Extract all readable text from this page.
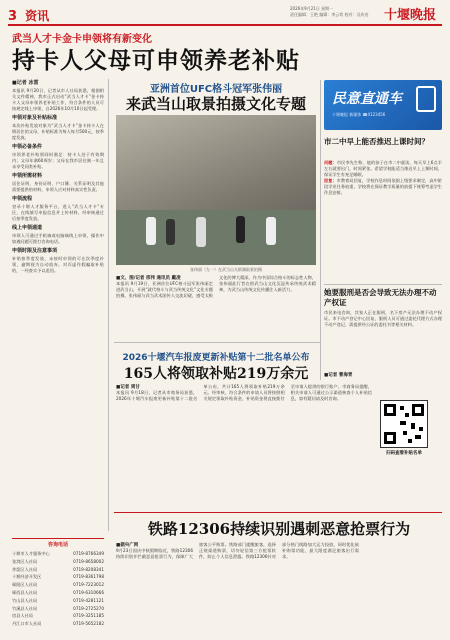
3 资讯
2026年9月21日 星期一
责任编辑：王艳 编辑：李云莺 校对：冯庆亮	十堰晚报
武当人才卡金卡申领将有新变化
持卡人父母可申领养老补贴
■记者 冰雷
本报讯 9月20日，记者从市人社局获悉，根据相关文件精神，我市正式启动“武当人才卡”金卡持卡人父母申领养老补贴工作，符合条件的人员可按规定线上申领，自2026年10月10日起受理。
申领对象及补贴标准
本次补贴发放对象为“武当人才卡”金卡持卡人在堰居住的父母，补贴标准为每人每月500元，按季度发放。
申领必备条件
申领养老补贴须同时满足：持卡人处于有效期内；父母年满60周岁；父母在我市居住满一年且未享受同类补贴。
申领所需材料
居住证明、身份证明、户口簿、关系证明及其他需要提供的材料，申领人应对材料真实性负责。
申领流程
登录十堰人才服务平台，进入“武当人才卡”专区，在线填写申报信息并上传材料，经审核通过后按季度发放。
线上申领通道
申领人可通过手机端或电脑端线上申领，操作中如遇问题可拨打咨询电话。
申领时限及注意事项
补贴按季度发放，未按时申领的可在次季度补领，逾期视为自动放弃。对弄虚作假骗取补贴的，一经查实予以追回。
咨询电话
十堰市人才服务中心	0719-8766349
张湾区人社局	0719-8658002
茅箭区人社局	0719-8208341
十堰经济开发区	0719-8361798
郧阳区人社局	0719-7223012
郧西县人社局	0719-6310666
竹山县人社局	0719-4281121
竹溪县人社局	0719-2725270
房县人社局	0719-3251185
丹江口市人社局	0719-5652182
亚洲首位UFC格斗冠军张伟丽
来武当山取景拍摄文化专题
张伟丽（左一）在武当山太极湖取景拍摄
■文、图/记者 邢伟 通讯员 戴凌
本报讯 9月19日，亚洲首位UFC格斗冠军张伟丽走进武当山，开展“就代格斗与武当传统文化”文化专题拍摄。张伟丽与武当武术团传人交流切磋，感受太极文化的博大精深。作为中国综合格斗的标志性人物，张伟丽此行旨在借武当山文化沉淀传承传统武术精神，为武当山传统文化传播注入新活力。
民意直通车
十堰晚报 新媒体 ☎4123456
市二中早上能否推迟上课时间？
问题：市民李先生称，他的孩子在市二中就读，每天早上6点半左右就要出门，时间紧张。希望学校能适当推迟早上上课时间，保证学生有充足睡眠。
回复：市教育局回复，学校作息时间依据上级要求制定，高中阶段学业任务较重，学校将在保证教学质量的前提下统筹考虑学生作息安排。
她要服刑是否会导致无法办理不动产权证
市民来电咨询，其家人正在服刑，名下房产无法办理不动产权证。市不动产登记中心回复，服刑人员可通过委托代理方式办理不动产登记，需提供经公证的委托书等相关材料。
■记者 曹海青
2026十堰汽车报废更新补贴第十二批名单公布
165人将领取补贴219万余元
■记者 周甘
本报讯 9月18日，记者从市商务局获悉，2026年十堰汽车报废更新补贴第十二批名单公布，共计165人将领取补贴219万余元。经审核，符合条件的申请人员将按照相关规定领取补贴资金，补贴资金将直接拨付至申请人提供的银行账户。市商务局提醒，相关申请人可通过公示渠道核查个人补贴信息，如有疑问请及时咨询。
扫码查看补贴名单
铁路12306持续识别遇刺恶意抢票行为
■据央广网
9月23日国庆中秋假期临近，铁路12306持续识别并拦截恶意抢票行为，保障广大旅客公平购票。铁路部门提醒旅客，选择正规渠道购票，切勿轻信第三方抢票软件，防止个人信息泄露。铁路12306针对部分热门线路加大运力投放，同时优化候补购票功能，最大限度满足旅客出行需求。
